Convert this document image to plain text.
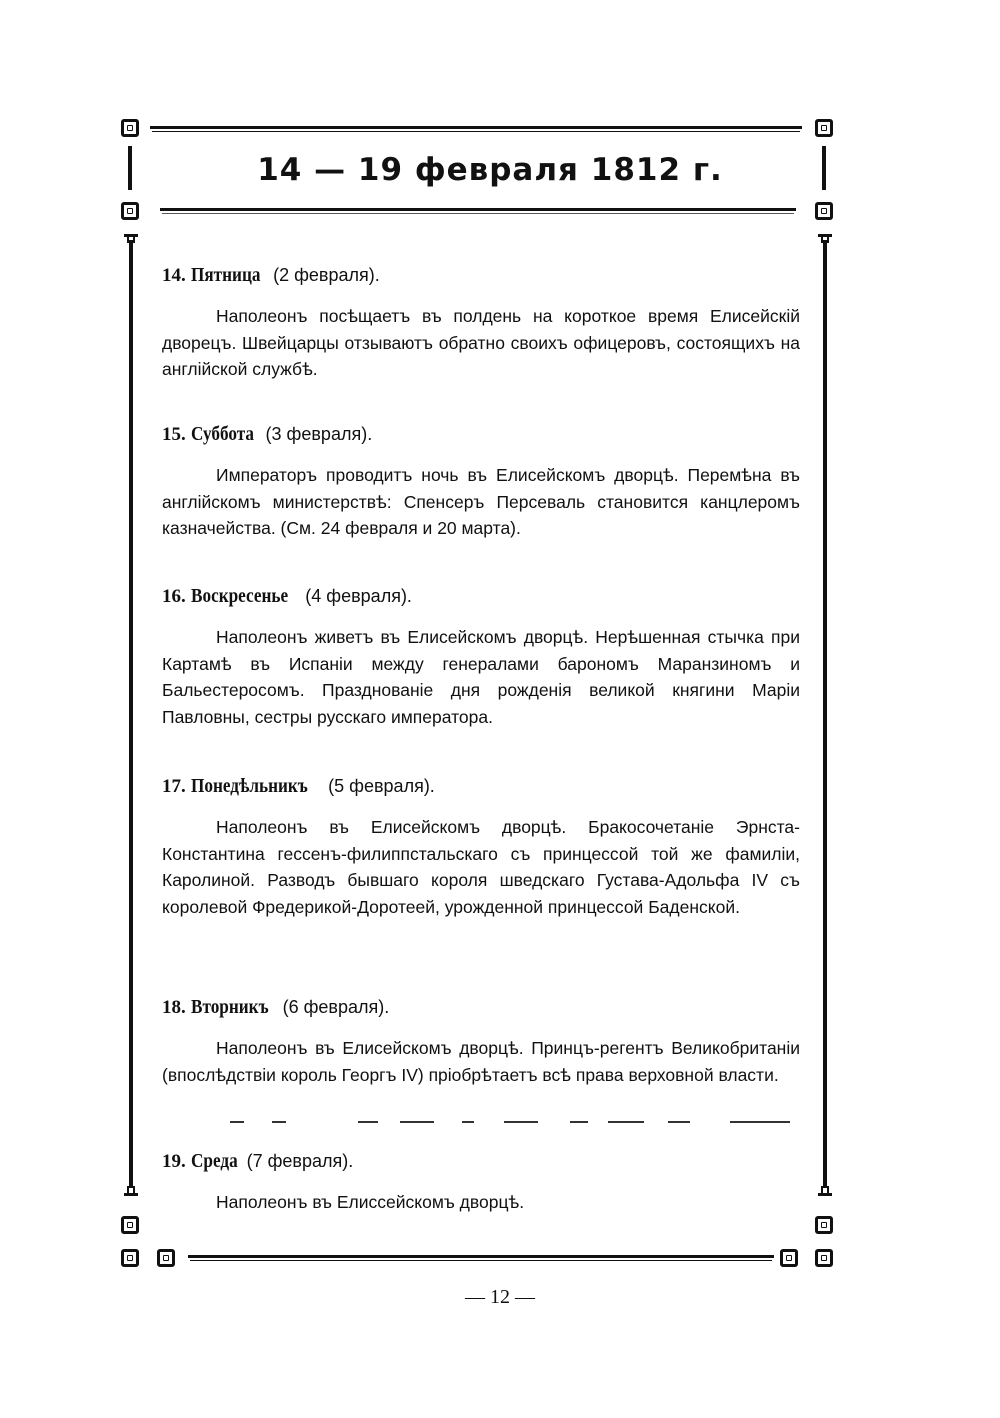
14 — 19 февраля 1812 г.
14. Пятница (2 февраля).
Наполеонъ посѣщаетъ въ полдень на короткое время Елисейскій дворецъ. Швейцарцы отзываютъ обратно своихъ офицеровъ, состоящихъ на англійской службѣ.
15. Суббота (3 февраля).
Императоръ проводитъ ночь въ Елисейскомъ дворцѣ. Перемѣна въ англійскомъ министерствѣ: Спенсеръ Персеваль становится канцлеромъ казначейства. (См. 24 февраля и 20 марта).
16. Воскресенье (4 февраля).
Наполеонъ живетъ въ Елисейскомъ дворцѣ. Нерѣшенная стычка при Картамѣ въ Испаніи между генералами барономъ Маранзиномъ и Бальестеросомъ. Празднованіе дня рожденія великой княгини Маріи Павловны, сестры русскаго императора.
17. Понедѣльникъ (5 февраля).
Наполеонъ въ Елисейскомъ дворцѣ. Бракосочетаніе Эрнста-Константина гессенъ-филиппстальскаго съ принцессой той же фамиліи, Каролиной. Разводъ бывшаго короля шведскаго Густава-Адольфа IV съ королевой Фредерикой-Доротеей, урожденной принцессой Баденской.
18. Вторникъ (6 февраля).
Наполеонъ въ Елисейскомъ дворцѣ. Принцъ-регентъ Великобританіи (впослѣдствіи король Георгъ IV) пріобрѣтаетъ всѣ права верховной власти.
19. Среда (7 февраля).
Наполеонъ въ Елиссейскомъ дворцѣ.
— 12 —
